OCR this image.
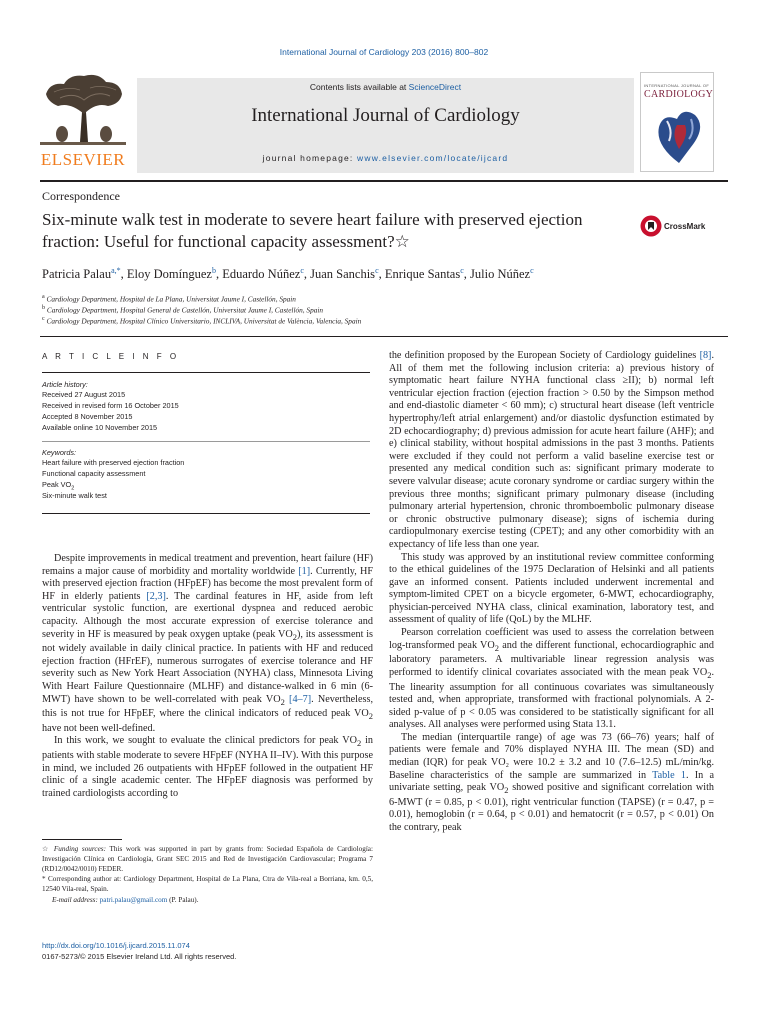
International Journal of Cardiology 203 (2016) 800–802
ELSEVIER
Contents lists available at ScienceDirect
International Journal of Cardiology
journal homepage: www.elsevier.com/locate/ijcard
INTERNATIONAL JOURNAL OF
CARDIOLOGY
Correspondence
Six-minute walk test in moderate to severe heart failure with preserved ejection fraction: Useful for functional capacity assessment?☆
CrossMark
Patricia Palau$^{a,*}$, Eloy Domínguez$^b$, Eduardo Núñez$^c$, Juan Sanchis$^c$, Enrique Santas$^c$, Julio Núñez$^c$
$^a$ Cardiology Department, Hospital de La Plana, Universitat Jaume I, Castellón, Spain
$^b$ Cardiology Department, Hospital General de Castellón, Universitat Jaume I, Castellón, Spain
$^c$ Cardiology Department, Hospital Clínico Universitario, INCLIVA, Universitat de València, Valencia, Spain
A R T I C L E I N F O
Article history:
Received 27 August 2015
Received in revised form 16 October 2015
Accepted 8 November 2015
Available online 10 November 2015
Keywords:
Heart failure with preserved ejection fraction
Functional capacity assessment
Peak $VO_2$
Six-minute walk test

Despite improvements in medical treatment and prevention, heart failure (HF) remains a major cause of morbidity and mortality worldwide [1]. Currently, HF with preserved ejection fraction (HFpEF) has become the most prevalent form of HF in elderly patients [2,3]. The cardinal features in HF, aside from left ventricular systolic function, are exertional dyspnea and reduced aerobic capacity. Although the most accurate expression of exercise tolerance and severity in HF is measured by peak oxygen uptake (peak $VO_2$), its assessment is not widely available in daily clinical practice. In patients with HF and reduced ejection fraction (HFrEF), numerous surrogates of exercise tolerance and HF severity such as New York Heart Association (NYHA) class, Minnesota Living With Heart Failure Questionnaire (MLHF) and distance-walked in 6 min (6-MWT) have shown to be well-correlated with peak $VO_2$ [4–7]. Nevertheless, this is not true for HFpEF, where the clinical indicators of reduced peak $VO_2$ have not been well-defined.

In this work, we sought to evaluate the clinical predictors for peak $VO_2$ in patients with stable moderate to severe HFpEF (NYHA II–IV). With this purpose in mind, we included 26 outpatients with HFpEF followed in the outpatient HF clinic of a single academic center. The HFpEF diagnosis was performed by trained cardiologists according to

☆ Funding sources: This work was supported in part by grants from: Sociedad Española de Cardiología: Investigación Clínica en Cardiología, Grant SEC 2015 and Red de Investigación Cardiovascular; Programa 7 (RD12/0042/0010) FEDER.
* Corresponding author at: Cardiology Department, Hospital de La Plana, Ctra de Vila-real a Borriana, km. 0,5, 12540 Vila-real, Spain.
E-mail address: patri.palau@gmail.com (P. Palau).
http://dx.doi.org/10.1016/j.ijcard.2015.11.074
0167-5273/© 2015 Elsevier Ireland Ltd. All rights reserved.

the definition proposed by the European Society of Cardiology guidelines [8]. All of them met the following inclusion criteria: a) previous history of symptomatic heart failure NYHA functional class ≥II); b) normal left ventricular ejection fraction (ejection fraction > 0.50 by the Simpson method and end-diastolic diameter < 60 mm); c) structural heart disease (left ventricle hypertrophy/left atrial enlargement) and/or diastolic dysfunction estimated by 2D echocardiography; d) previous admission for acute heart failure (AHF); and e) clinical stability, without hospital admissions in the past 3 months. Patients were excluded if they could not perform a valid baseline exercise test or presented any medical condition such as: significant primary moderate to severe valvular disease; acute coronary syndrome or cardiac surgery within the previous three months; significant primary pulmonary disease (including pulmonary arterial hypertension, chronic thromboembolic pulmonary disease or chronic obstructive pulmonary disease); signs of ischemia during cardiopulmonary exercise testing (CPET); and any other comorbidity with an expectancy of life less than one year.

This study was approved by an institutional review committee conforming to the ethical guidelines of the 1975 Declaration of Helsinki and all patients gave an informed consent. Patients included underwent incremental and symptom-limited CPET on a bicycle ergometer, 6-MWT, echocardiography, physician-perceived NYHA class, clinical examination, laboratory test, and assessment of quality of life (QoL) by the MLHF.

Pearson correlation coefficient was used to assess the correlation between log-transformed peak $VO_2$ and the different functional, echocardiographic and laboratory parameters. A multivariable linear regression analysis was performed to identify clinical covariates associated with the mean peak $VO_2$. The linearity assumption for all continuous covariates was simultaneously tested and, when appropriate, transformed with fractional polynomials. A 2-sided p-value of p < 0.05 was considered to be statistically significant for all analyses. All analyses were performed using Stata 13.1.

The median (interquartile range) of age was 73 (66–76) years; half of patients were female and 70% displayed NYHA III. The mean (SD) and median (IQR) for peak VO₂ were 10.2 ± 3.2 and 10 (7.6–12.5) mL/min/kg. Baseline characteristics of the sample are summarized in Table 1. In a univariate setting, peak $VO_2$ showed positive and significant correlation with 6-MWT (r = 0.85, p < 0.01), right ventricular function (TAPSE) (r = 0.47, p = 0.01), hemoglobin (r = 0.64, p < 0.01) and hematocrit (r = 0.57, p < 0.01) On the contrary, peak
